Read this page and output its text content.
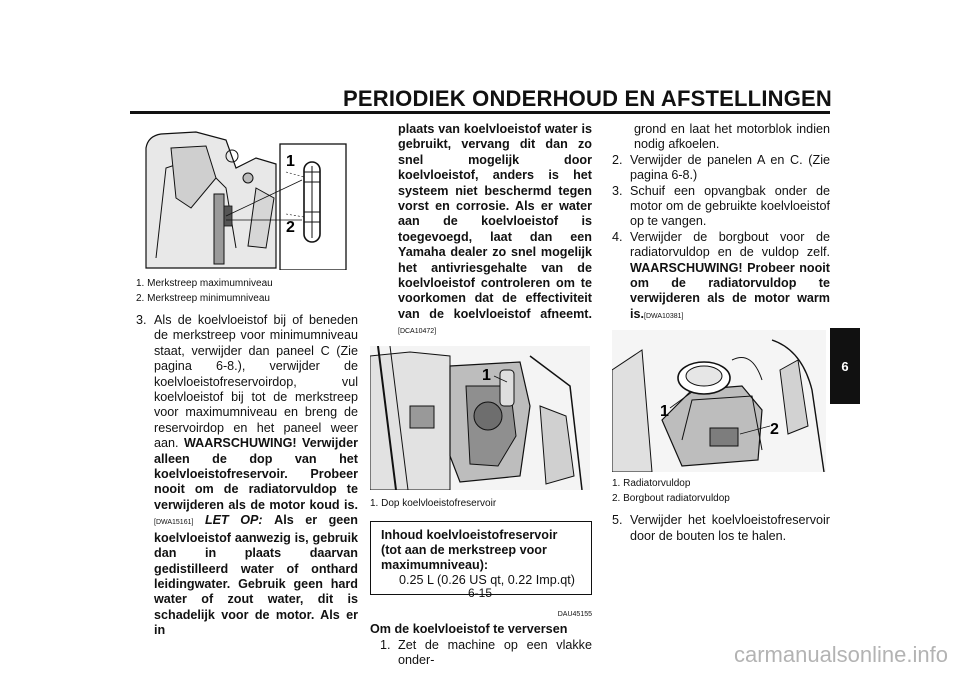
PERIODIEK ONDERHOUD EN AFSTELLINGEN
6
1
2
1. Merkstreep maximumniveau
2. Merkstreep minimumniveau
3. Als de koelvloeistof bij of beneden de merkstreep voor minimumniveau staat, verwijder dan paneel C (Zie pagina 6-8.), verwijder de koelvloeistofreservoirdop, vul koelvloeistof bij tot de merkstreep voor maximumniveau en breng de reservoirdop en het paneel weer aan. WAARSCHUWING! Verwijder alleen de dop van het koelvloeistofreservoir. Probeer nooit om de radiatorvuldop te verwijderen als de motor koud is.[DWA15161] LET OP: Als er geen koelvloeistof aanwezig is, gebruik dan in plaats daarvan gedistilleerd water of onthard leidingwater. Gebruik geen hard water of zout water, dit is schadelijk voor de motor. Als er in
plaats van koelvloeistof water is gebruikt, vervang dit dan zo snel mogelijk door koelvloeistof, anders is het systeem niet beschermd tegen vorst en corrosie. Als er water aan de koelvloeistof is toegevoegd, laat dan een Yamaha dealer zo snel mogelijk het antivriesgehalte van de koelvloeistof controleren om te voorkomen dat de effectiviteit van de koelvloeistof afneemt.[DCA10472]
1
1. Dop koelvloeistofreservoir
Inhoud koelvloeistofreservoir (tot aan de merkstreep voor maximumniveau):
0.25 L (0.26 US qt, 0.22 Imp.qt)
DAU45155
Om de koelvloeistof te verversen
1. Zet de machine op een vlakke onder-
grond en laat het motorblok indien nodig afkoelen.
2. Verwijder de panelen A en C. (Zie pagina 6-8.)
3. Schuif een opvangbak onder de motor om de gebruikte koelvloeistof op te vangen.
4. Verwijder de borgbout voor de radiatorvuldop en de vuldop zelf. WAARSCHUWING! Probeer nooit om de radiatorvuldop te verwijderen als de motor warm is.[DWA10381]
1
2
1. Radiatorvuldop
2. Borgbout radiatorvuldop
5. Verwijder het koelvloeistofreservoir door de bouten los te halen.
6-15
carmanualsonline.info
